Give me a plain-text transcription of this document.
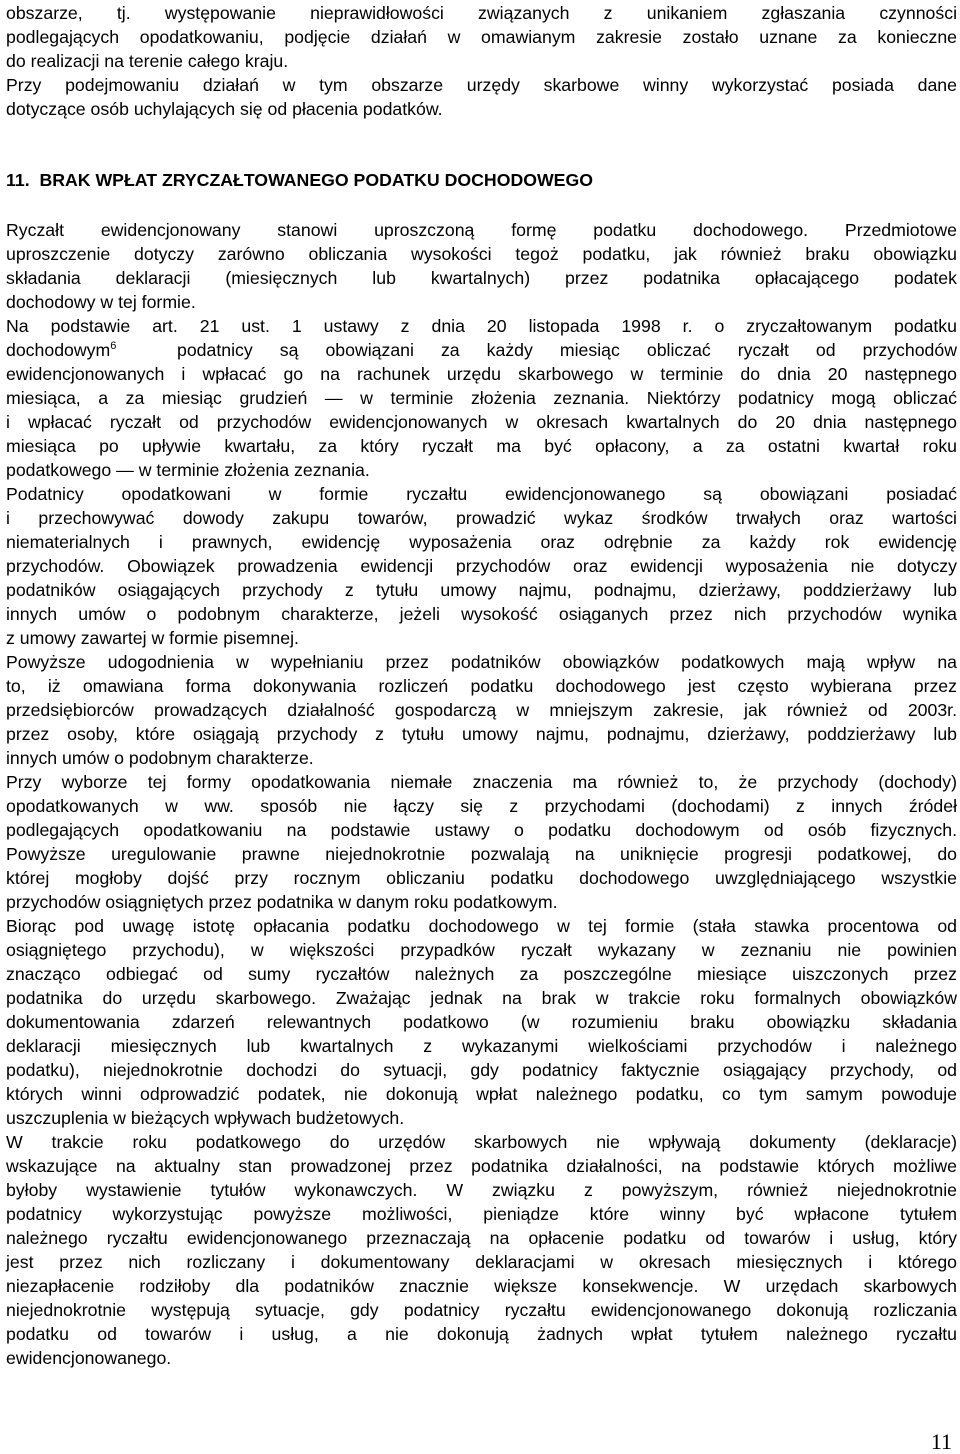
obszarze, tj. występowanie nieprawidłowości związanych z unikaniem zgłaszania czynności

podlegających opodatkowaniu, podjęcie działań w omawianym zakresie zostało uznane za konieczne

do realizacji na terenie całego kraju.

Przy podejmowaniu działań w tym obszarze urzędy skarbowe winny wykorzystać posiada dane

dotyczące osób uchylających się od płacenia podatków.

11. BRAK WPŁAT ZRYCZAŁTOWANEGO PODATKU DOCHODOWEGO

Ryczałt ewidencjonowany stanowi uproszczoną formę podatku dochodowego. Przedmiotowe

uproszczenie dotyczy zarówno obliczania wysokości tegoż podatku, jak również braku obowiązku

składania deklaracji (miesięcznych lub kwartalnych) przez podatnika opłacającego podatek

dochodowy w tej formie.

Na podstawie art. 21 ust. 1 ustawy z dnia 20 listopada 1998 r. o zryczałtowanym podatku

dochodowym$^6$	podatnicy są obowiązani za każdy miesiąc obliczać ryczałt od przychodów

ewidencjonowanych i wpłacać go na rachunek urzędu skarbowego w terminie do dnia 20 następnego

miesiąca, a za miesiąc grudzień — w terminie złożenia zeznania. Niektórzy podatnicy mogą obliczać

i wpłacać ryczałt od przychodów ewidencjonowanych w okresach kwartalnych do 20 dnia następnego

miesiąca po upływie kwartału, za który ryczałt ma być opłacony, a za ostatni kwartał roku

podatkowego — w terminie złożenia zeznania.

Podatnicy opodatkowani w formie ryczałtu ewidencjonowanego są obowiązani posiadać

i przechowywać dowody zakupu towarów, prowadzić wykaz środków trwałych oraz wartości

niematerialnych i prawnych, ewidencję wyposażenia oraz odrębnie za każdy rok ewidencję

przychodów. Obowiązek prowadzenia ewidencji przychodów oraz ewidencji wyposażenia nie dotyczy

podatników osiągających przychody z tytułu umowy najmu, podnajmu, dzierżawy, poddzierżawy lub

innych umów o podobnym charakterze, jeżeli wysokość osiąganych przez nich przychodów wynika

z umowy zawartej w formie pisemnej.

Powyższe udogodnienia w wypełnianiu przez podatników obowiązków podatkowych mają wpływ na

to, iż omawiana forma dokonywania rozliczeń podatku dochodowego jest często wybierana przez

przedsiębiorców prowadzących działalność gospodarczą w mniejszym zakresie, jak również od 2003r.

przez osoby, które osiągają przychody z tytułu umowy najmu, podnajmu, dzierżawy, poddzierżawy lub

innych umów o podobnym charakterze.

Przy wyborze tej formy opodatkowania niemałe znaczenia ma również to, że przychody (dochody)

opodatkowanych w ww. sposób nie łączy się z przychodami (dochodami) z innych źródeł

podlegających opodatkowaniu na podstawie ustawy o podatku dochodowym od osób fizycznych.

Powyższe uregulowanie prawne niejednokrotnie pozwalają na uniknięcie progresji podatkowej, do

której mogłoby dojść przy rocznym obliczaniu podatku dochodowego uwzględniającego wszystkie

przychodów osiągniętych przez podatnika w danym roku podatkowym.

Biorąc pod uwagę istotę opłacania podatku dochodowego w tej formie (stała stawka procentowa od

osiągniętego przychodu), w większości przypadków ryczałt wykazany w zeznaniu nie powinien

znacząco odbiegać od sumy ryczałtów należnych za poszczególne miesiące uiszczonych przez

podatnika do urzędu skarbowego. Zważając jednak na brak w trakcie roku formalnych obowiązków

dokumentowania zdarzeń relewantnych podatkowo (w rozumieniu braku obowiązku składania

deklaracji miesięcznych lub kwartalnych z wykazanymi wielkościami przychodów i należnego

podatku), niejednokrotnie dochodzi do sytuacji, gdy podatnicy faktycznie osiągający przychody, od

których winni odprowadzić podatek, nie dokonują wpłat należnego podatku, co tym samym powoduje

uszczuplenia w bieżących wpływach budżetowych.

W trakcie roku podatkowego do urzędów skarbowych nie wpływają dokumenty (deklaracje)

wskazujące na aktualny stan prowadzonej przez podatnika działalności, na podstawie których możliwe

byłoby wystawienie tytułów wykonawczych. W związku z powyższym, również niejednokrotnie

podatnicy wykorzystując powyższe możliwości, pieniądze które winny być wpłacone tytułem

należnego ryczałtu ewidencjonowanego przeznaczają na opłacenie podatku od towarów i usług, który

jest przez nich rozliczany i dokumentowany deklaracjami w okresach miesięcznych i którego

niezapłacenie rodziłoby dla podatników znacznie większe konsekwencje. W urzędach skarbowych

niejednokrotnie występują sytuacje, gdy podatnicy ryczałtu ewidencjonowanego dokonują rozliczania

podatku od towarów i usług, a nie dokonują żadnych wpłat tytułem należnego ryczałtu

ewidencjonowanego.

11
